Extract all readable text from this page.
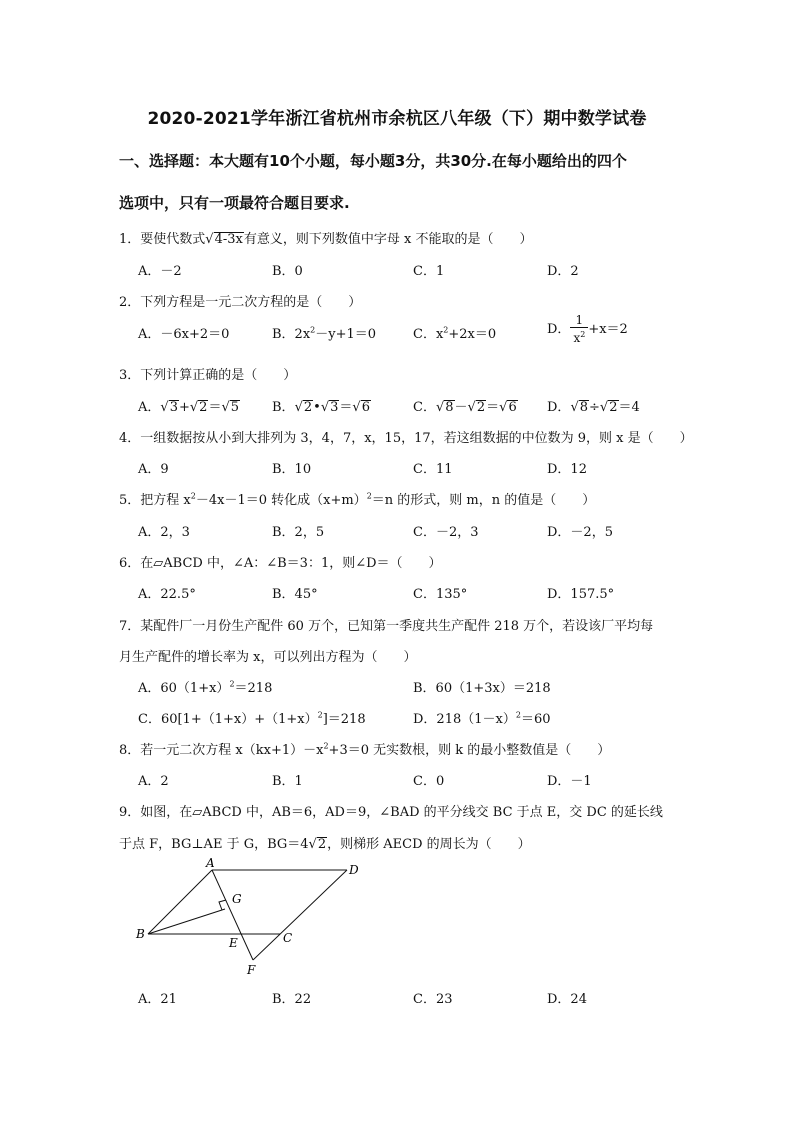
2020-2021学年浙江省杭州市余杭区八年级（下）期中数学试卷
一、选择题：本大题有10个小题，每小题3分，共30分.在每小题给出的四个
选项中，只有一项最符合题目要求.
1．要使代数式√4-3x有意义，则下列数值中字母 x 不能取的是（　　）
A．－2	B．0	C．1	D．2
2．下列方程是一元二次方程的是（　　）
A．－6x+2＝0	B．$2x^2-y+1=0$	C．$x^2+2x=0$	D． $\frac{1}{x^2} +x=2$
3．下列计算正确的是（　　）
A．√3+√2＝√5	B．√2•√3＝√6	C．√8－√2＝√6 D．√8÷√2＝4
4．一组数据按从小到大排列为 3，4，7，x，15，17，若这组数据的中位数为 9，则 x 是（　　）
A．9	B．10	C．11	D．12
5．把方程 $x^2-4x-1=0$ 转化成$(x+m)^2=n$ 的形式，则 m，n 的值是（　　）
A．2，3	B．2，5	C．－2，3	D．－2，5
6．在▱ABCD 中，∠A：∠B＝3：1，则∠D＝（　　）
A．22.5°	B．45°	C．135°	D．157.5°
7．某配件厂一月份生产配件 60 万个，已知第一季度共生产配件 218 万个，若设该厂平均每
月生产配件的增长率为 x，可以列出方程为（　　）
A．$60(1+x)^2=218$	B．60（1+3x）＝218
C．$60[1+(1+x)+(1+x)^2]=218$	D．$218(1-x)^2=60$
8．若一元二次方程 $x(kx+1)-x^2+3=0$ 无实数根，则 k 的最小整数值是（　　）
A．2	B．1	C．0	D．－1
9．如图，在▱ABCD 中，AB＝6，AD＝9，∠BAD 的平分线交 BC 于点 E，交 DC 的延长线
于点 F，BG⊥AE 于 G，BG＝4√2，则梯形 AECD 的周长为（　　）
A	D
G
B
E	C
F
A．21	B．22	C．23	D．24
